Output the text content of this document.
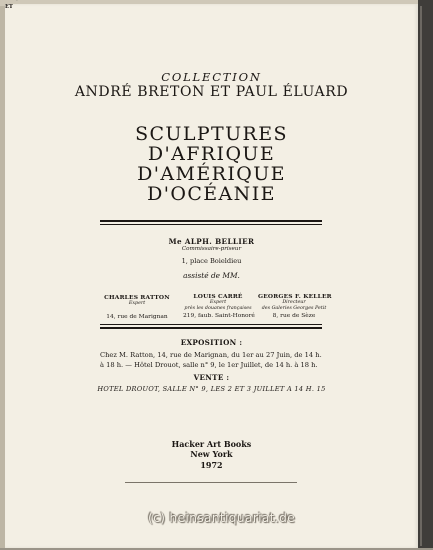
·
COLLECTION
ANDRÉ BRETON ET PAUL ÉLUARD
SCULPTURES
D'AFRIQUE
D'AMÉRIQUE
D'OCÉANIE
Me ALPH. BELLIER
Commissaire-priseur
1, place Boieldieu
assisté de MM.
CHARLES RATTON
Expert
14, rue de Marignan
ET
LOUIS CARRÉ
Expert
près les douanes françaises
219, faub. Saint-Honoré
GEORGES F. KELLER
Directeur
des Galeries Georges Petit
8, rue de Sèze
EXPOSITION :
Chez M. Ratton, 14, rue de Marignan, du 1er au 27 Juin, de 14 h.
à 18 h. — Hôtel Drouot, salle n° 9, le 1er Juillet, de 14 h. à 18 h.
VENTE :
HOTEL DROUOT, SALLE N° 9, LES 2 ET 3 JUILLET A 14 H. 15
Hacker Art Books
New York
1972
(c) heinsantiquariat.de
